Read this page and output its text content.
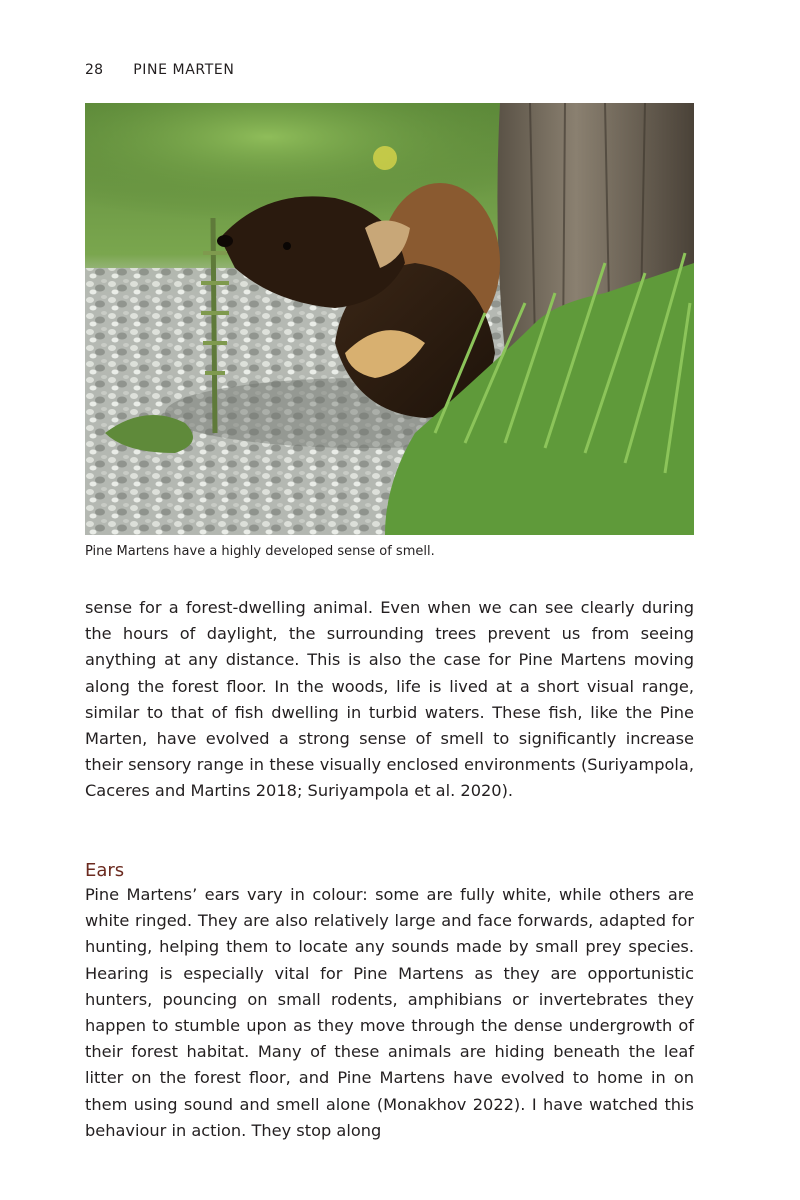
28 PINE MARTEN
Pine Martens have a highly developed sense of smell.

sense for a forest-dwelling animal. Even when we can see clearly during the hours of daylight, the surrounding trees prevent us from seeing anything at any distance. This is also the case for Pine Martens moving along the forest floor. In the woods, life is lived at a short visual range, similar to that of fish dwelling in turbid waters. These fish, like the Pine Marten, have evolved a strong sense of smell to significantly increase their sensory range in these visually enclosed environments (Suriyampola, Caceres and Martins 2018; Suriyampola et al. 2020).

Ears

Pine Martens’ ears vary in colour: some are fully white, while others are white ringed. They are also relatively large and face forwards, adapted for hunting, helping them to locate any sounds made by small prey species. Hearing is especially vital for Pine Martens as they are opportunistic hunters, pouncing on small rodents, amphibians or invertebrates they happen to stumble upon as they move through the dense undergrowth of their forest habitat. Many of these animals are hiding beneath the leaf litter on the forest floor, and Pine Martens have evolved to home in on them using sound and smell alone (Monakhov 2022). I have watched this behaviour in action. They stop along
